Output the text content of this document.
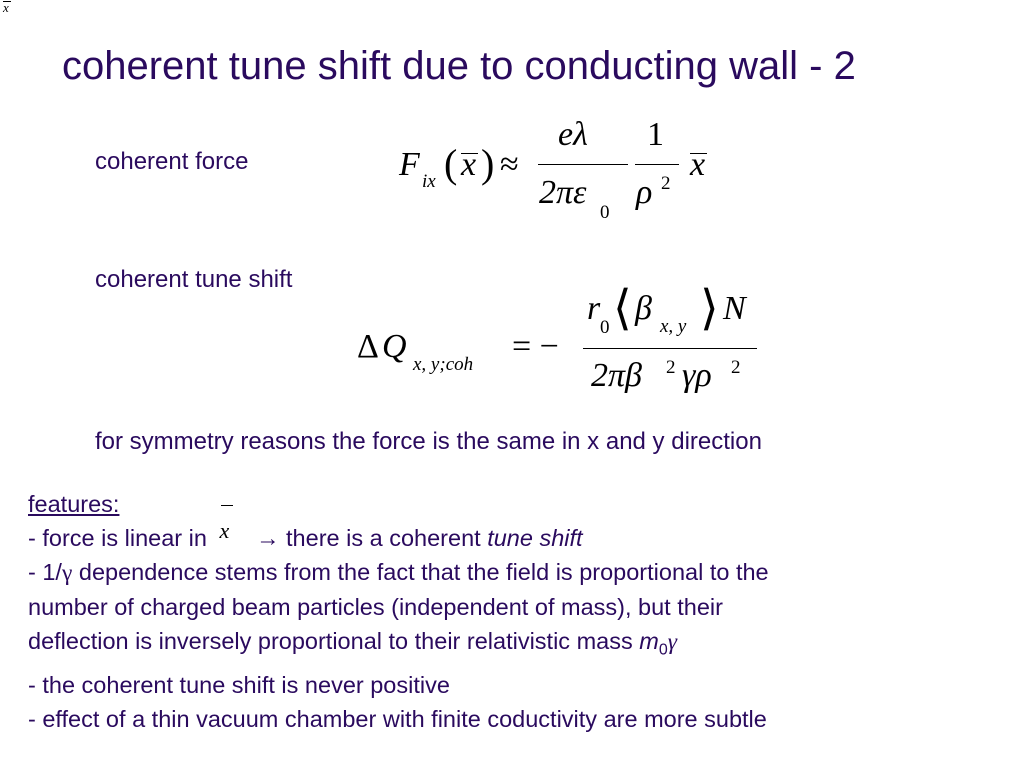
x
coherent tune shift due to conducting wall - 2
coherent force	F ix ( x ) ≈
eλ
2πε
0
1
ρ 2
x
coherent tune shift
Δ Q x, y;coh = −
r
0 ⟨ β x, y ⟩ N
2πβ 2 γρ 2
for symmetry reasons the force is the same in x and y direction
features:
- force is linear in x → there is a coherent tune shift
- 1/γ dependence stems from the fact that the field is proportional to the
number of charged beam particles (independent of mass), but their
deflection is inversely proportional to their relativistic mass $m_0\gamma$
- the coherent tune shift is never positive
- effect of a thin vacuum chamber with finite coductivity are more subtle
